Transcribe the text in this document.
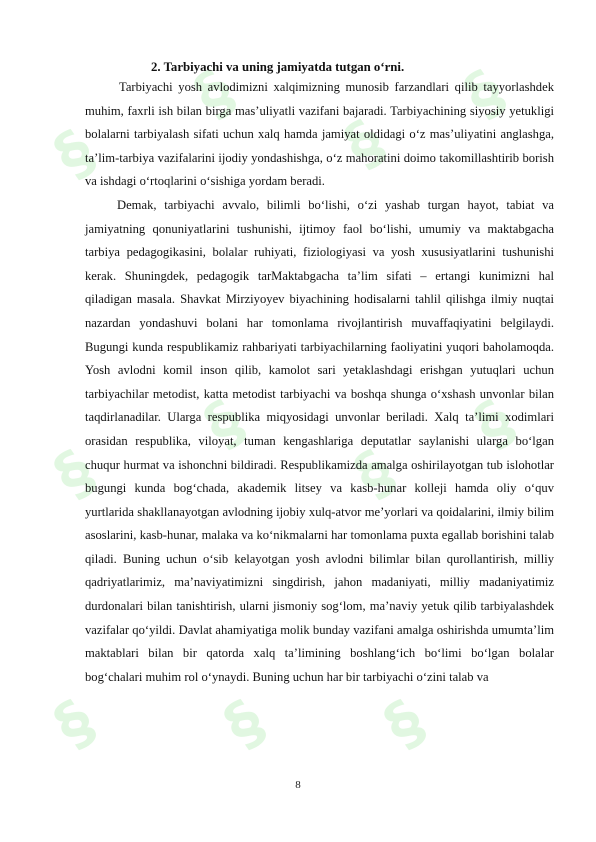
§
§
§
§
§
§
§
§
§ § §

2. Tarbiyachi va uning jamiyatda tutgan o‘rni.

Tarbiyachi yosh avlodimizni xalqimizning munosib farzandlari qilib tayyorlashdek muhim, faxrli ish bilan birga mas’uliyatli vazifani bajaradi. Tarbiyachining siyosiy yetukligi bolalarni tarbiyalash sifati uchun xalq hamda jamiyat oldidagi o‘z mas’uliyatini anglashga, ta’lim-tarbiya vazifalarini ijodiy yondashishga, o‘z mahoratini doimo takomillashtirib borish va ishdagi o‘rtoqlarini o‘sishiga yordam beradi.

Demak, tarbiyachi avvalo, bilimli bo‘lishi, o‘zi yashab turgan hayot, tabiat va jamiyatning qonuniyatlarini tushunishi, ijtimoy faol bo‘lishi, umumiy va maktabgacha tarbiya pedagogikasini, bolalar ruhiyati, fiziologiyasi va yosh xususiyatlarini tushunishi kerak. Shuningdek, pedagogik tarMaktabgacha ta’lim sifati – ertangi kunimizni hal qiladigan masala. Shavkat Mirziyoyev biyachining hodisalarni tahlil qilishga ilmiy nuqtai nazardan yondashuvi bolani har tomonlama rivojlantirish muvaffaqiyatini belgilaydi. Bugungi kunda respublikamiz rahbariyati tarbiyachilarning faoliyatini yuqori baholamoqda. Yosh avlodni komil inson qilib, kamolot sari yetaklashdagi erishgan yutuqlari uchun tarbiyachilar metodist, katta metodist tarbiyachi va boshqa shunga o‘xshash unvonlar bilan taqdirlanadilar. Ularga respublika miqyosidagi unvonlar beriladi. Xalq ta’limi xodimlari orasidan respublika, viloyat, tuman kengashlariga deputatlar saylanishi ularga bo‘lgan chuqur hurmat va ishonchni bildiradi. Respublikamizda amalga oshirilayotgan tub islohotlar bugungi kunda bog‘chada, akademik litsey va kasb-hunar kolleji hamda oliy o‘quv yurtlarida shakllanayotgan avlodning ijobiy xulq-atvor me’yorlari va qoidalarini, ilmiy bilim asoslarini, kasb-hunar, malaka va ko‘nikmalarni har tomonlama puxta egallab borishini talab qiladi. Buning uchun o‘sib kelayotgan yosh avlodni bilimlar bilan qurollantirish, milliy qadriyatlarimiz, ma’naviyatimizni singdirish, jahon madaniyati, milliy madaniyatimiz durdonalari bilan tanishtirish, ularni jismoniy sog‘lom, ma’naviy yetuk qilib tarbiyalashdek vazifalar qo‘yildi. Davlat ahamiyatiga molik bunday vazifani amalga oshirishda umumta’lim maktablari bilan bir qatorda xalq ta’limining boshlang‘ich bo‘limi bo‘lgan bolalar bog‘chalari muhim rol o‘ynaydi. Buning uchun har bir tarbiyachi o‘zini talab va

8
